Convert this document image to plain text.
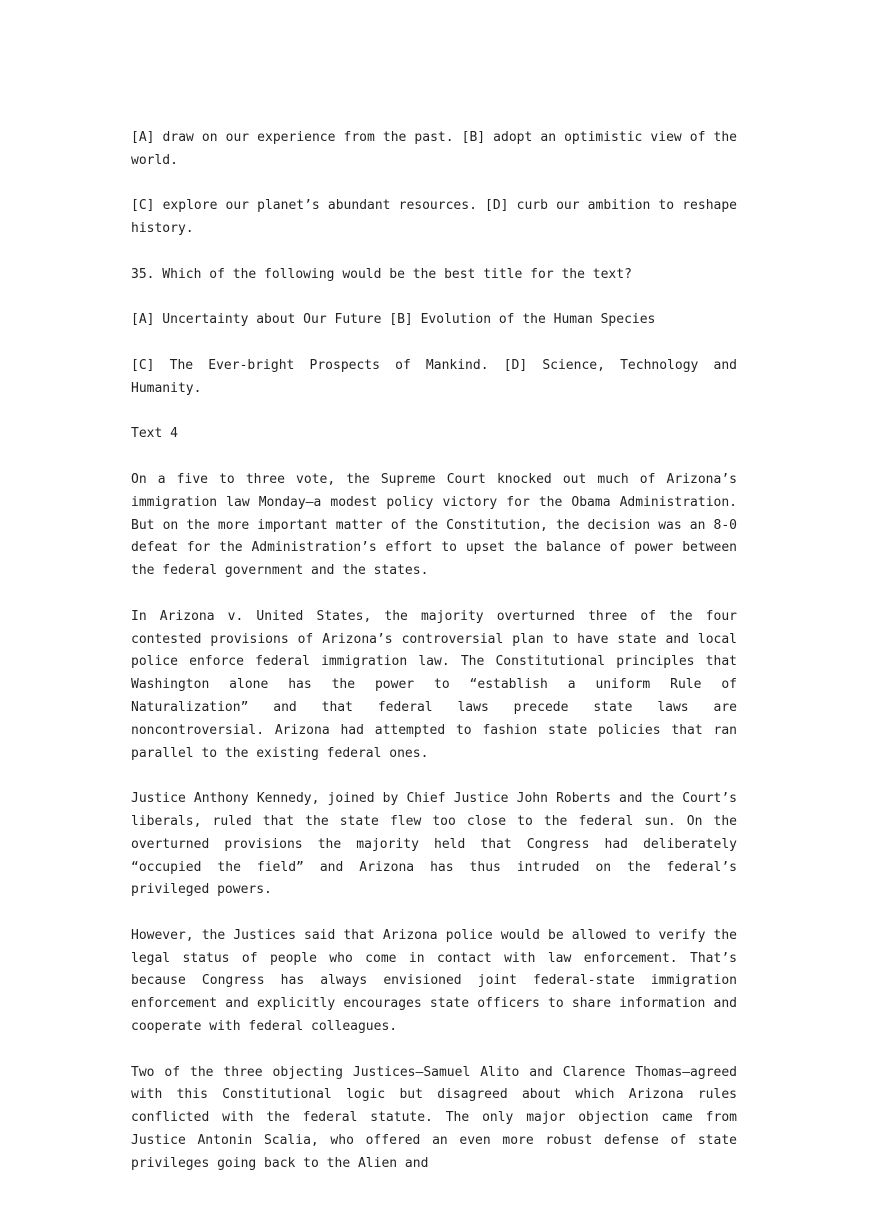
[A] draw on our experience from the past. [B] adopt an optimistic view of the world.

[C] explore our planet’s abundant resources. [D] curb our ambition to reshape history.

35. Which of the following would be the best title for the text?

[A] Uncertainty about Our Future [B] Evolution of the Human Species

[C] The Ever-bright Prospects of Mankind. [D] Science, Technology and Humanity.

Text 4

On a five to three vote, the Supreme Court knocked out much of Arizona’s immigration law Monday—a modest policy victory for the Obama Administration. But on the more important matter of the Constitution, the decision was an 8-0 defeat for the Administration’s effort to upset the balance of power between the federal government and the states.

In Arizona v. United States, the majority overturned three of the four contested provisions of Arizona’s controversial plan to have state and local police enforce federal immigration law. The Constitutional principles that Washington alone has the power to “establish a uniform Rule of Naturalization” and that federal laws precede state laws are noncontroversial. Arizona had attempted to fashion state policies that ran parallel to the existing federal ones.

Justice Anthony Kennedy, joined by Chief Justice John Roberts and the Court’s liberals, ruled that the state flew too close to the federal sun. On the overturned provisions the majority held that Congress had deliberately “occupied the field” and Arizona has thus intruded on the federal’s privileged powers.

However, the Justices said that Arizona police would be allowed to verify the legal status of people who come in contact with law enforcement. That’s because Congress has always envisioned joint federal-state immigration enforcement and explicitly encourages state officers to share information and cooperate with federal colleagues.

Two of the three objecting Justices—Samuel Alito and Clarence Thomas—agreed with this Constitutional logic but disagreed about which Arizona rules conflicted with the federal statute. The only major objection came from Justice Antonin Scalia, who offered an even more robust defense of state privileges going back to the Alien and
